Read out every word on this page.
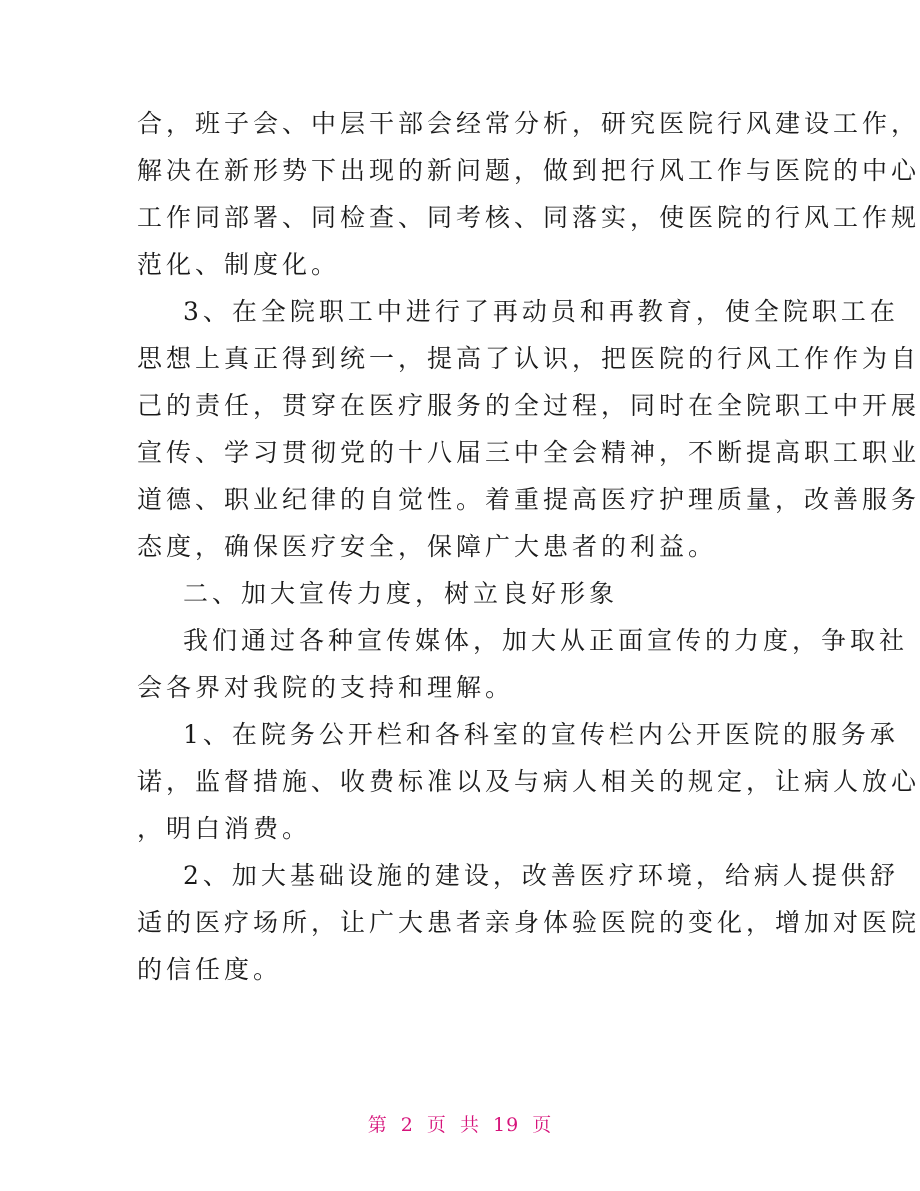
合，班子会、中层干部会经常分析，研究医院行风建设工作，
解决在新形势下出现的新问题，做到把行风工作与医院的中心
工作同部署、同检查、同考核、同落实，使医院的行风工作规
范化、制度化。
3、在全院职工中进行了再动员和再教育，使全院职工在
思想上真正得到统一，提高了认识，把医院的行风工作作为自
己的责任，贯穿在医疗服务的全过程，同时在全院职工中开展
宣传、学习贯彻党的十八届三中全会精神，不断提高职工职业
道德、职业纪律的自觉性。着重提高医疗护理质量，改善服务
态度，确保医疗安全，保障广大患者的利益。
二、加大宣传力度，树立良好形象
我们通过各种宣传媒体，加大从正面宣传的力度，争取社
会各界对我院的支持和理解。
1、在院务公开栏和各科室的宣传栏内公开医院的服务承
诺，监督措施、收费标准以及与病人相关的规定，让病人放心
，明白消费。
2、加大基础设施的建设，改善医疗环境，给病人提供舒
适的医疗场所，让广大患者亲身体验医院的变化，增加对医院
的信任度。
第 2 页 共 19 页
